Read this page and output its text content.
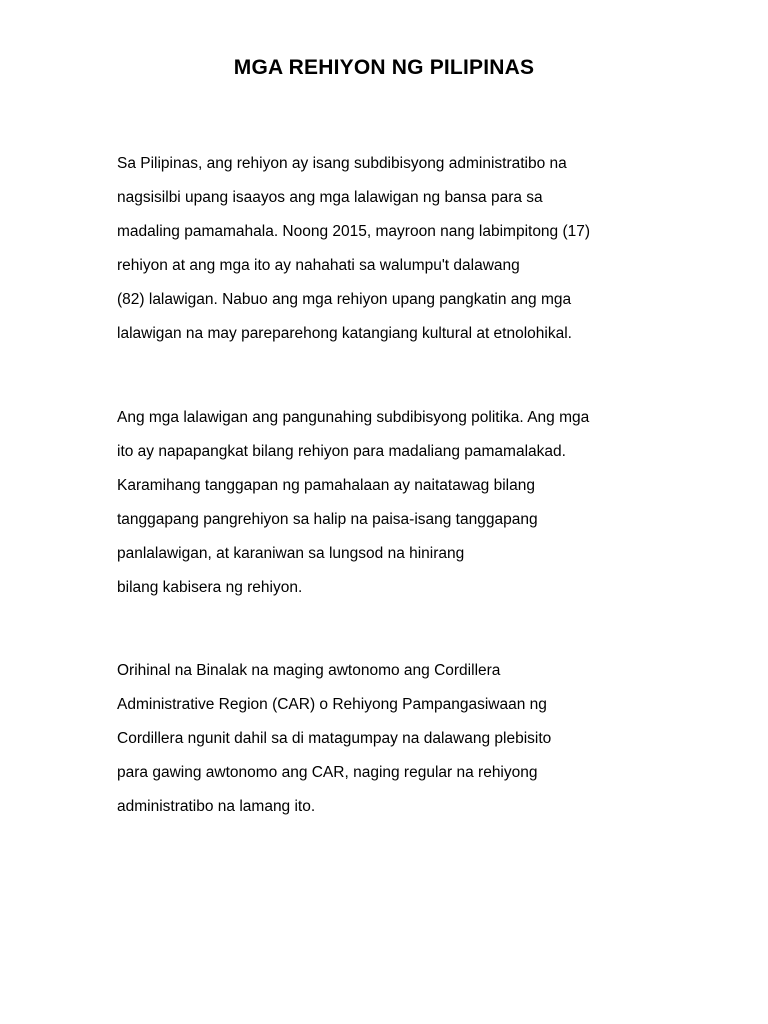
MGA REHIYON NG PILIPINAS
Sa Pilipinas, ang rehiyon ay isang subdibisyong administratibo na
nagsisilbi upang isaayos ang mga lalawigan ng bansa para sa
madaling pamamahala. Noong 2015, mayroon nang labimpitong (17)
rehiyon at ang mga ito ay nahahati sa walumpu't dalawang
(82) lalawigan. Nabuo ang mga rehiyon upang pangkatin ang mga
lalawigan na may pareparehong katangiang kultural at etnolohikal.
Ang mga lalawigan ang pangunahing subdibisyong politika. Ang mga
ito ay napapangkat bilang rehiyon para madaliang pamamalakad.
Karamihang tanggapan ng pamahalaan ay naitatawag bilang
tanggapang pangrehiyon sa halip na paisa-isang tanggapang
panlalawigan, at karaniwan sa lungsod na hinirang
bilang kabisera ng rehiyon.
Orihinal na Binalak na maging awtonomo ang Cordillera
Administrative Region (CAR) o Rehiyong Pampangasiwaan ng
Cordillera ngunit dahil sa di matagumpay na dalawang plebisito
para gawing awtonomo ang CAR, naging regular na rehiyong
administratibo na lamang ito.
